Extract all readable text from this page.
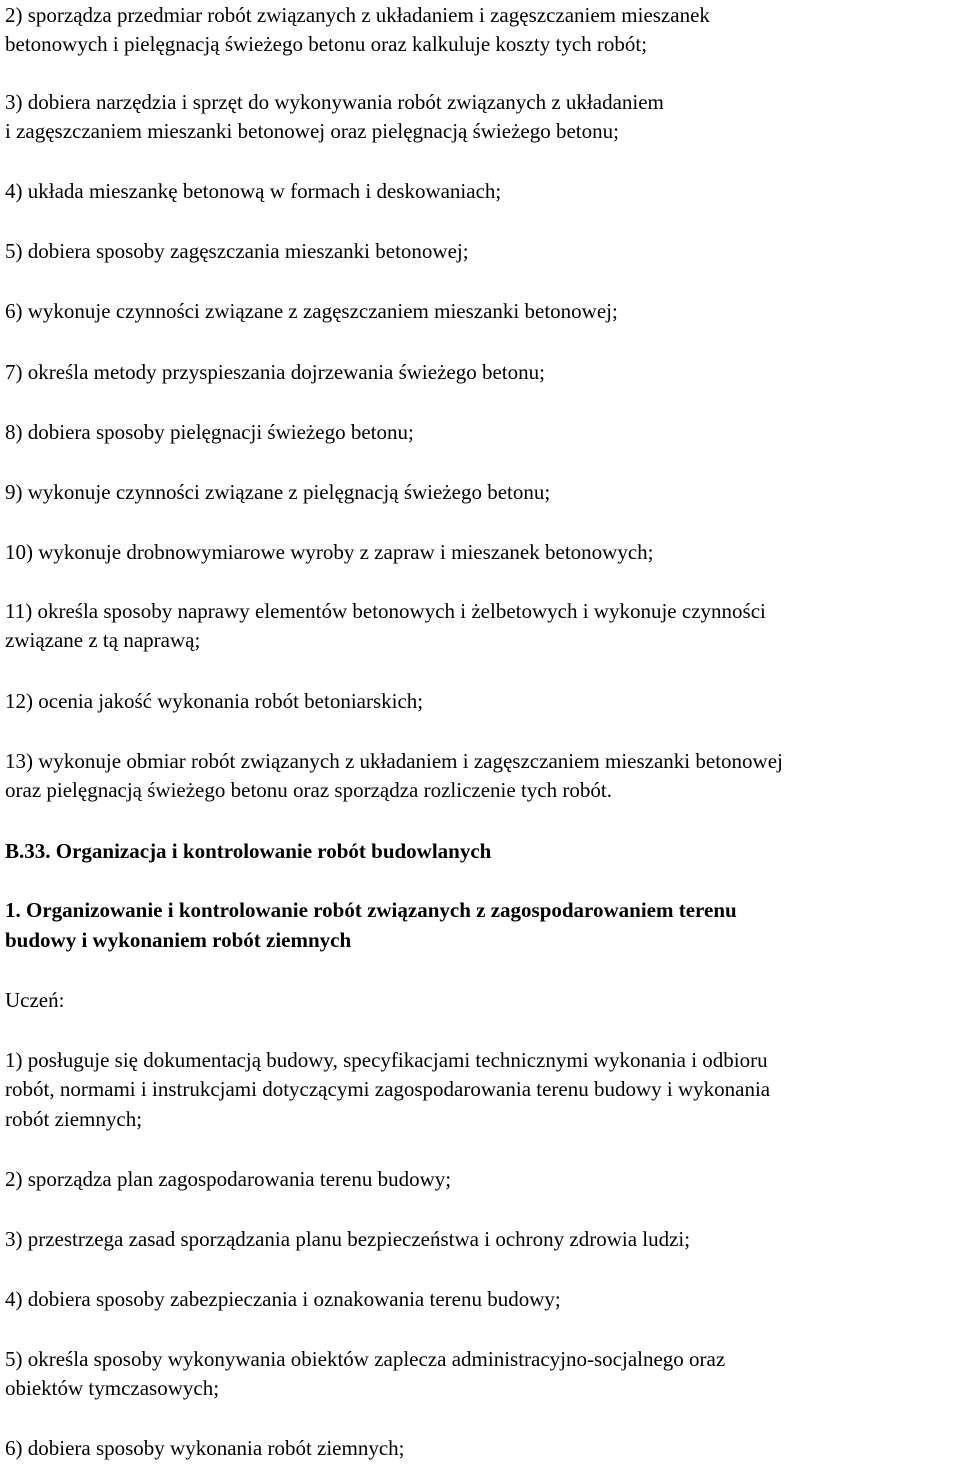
2) sporządza przedmiar robót związanych z układaniem i zagęszczaniem mieszanek
betonowych i pielęgnacją świeżego betonu oraz kalkuluje koszty tych robót;
3) dobiera narzędzia i sprzęt do wykonywania robót związanych z układaniem
i zagęszczaniem mieszanki betonowej oraz pielęgnacją świeżego betonu;
4) układa mieszankę betonową w formach i deskowaniach;
5) dobiera sposoby zagęszczania mieszanki betonowej;
6) wykonuje czynności związane z zagęszczaniem mieszanki betonowej;
7) określa metody przyspieszania dojrzewania świeżego betonu;
8) dobiera sposoby pielęgnacji świeżego betonu;
9) wykonuje czynności związane z pielęgnacją świeżego betonu;
10) wykonuje drobnowymiarowe wyroby z zapraw i mieszanek betonowych;
11) określa sposoby naprawy elementów betonowych i żelbetowych i wykonuje czynności
związane z tą naprawą;
12) ocenia jakość wykonania robót betoniarskich;
13) wykonuje obmiar robót związanych z układaniem i zagęszczaniem mieszanki betonowej
oraz pielęgnacją świeżego betonu oraz sporządza rozliczenie tych robót.
B.33. Organizacja i kontrolowanie robót budowlanych
1. Organizowanie i kontrolowanie robót związanych z zagospodarowaniem terenu
budowy i wykonaniem robót ziemnych
Uczeń:
1) posługuje się dokumentacją budowy, specyfikacjami technicznymi wykonania i odbioru
robót, normami i instrukcjami dotyczącymi zagospodarowania terenu budowy i wykonania
robót ziemnych;
2) sporządza plan zagospodarowania terenu budowy;
3) przestrzega zasad sporządzania planu bezpieczeństwa i ochrony zdrowia ludzi;
4) dobiera sposoby zabezpieczania i oznakowania terenu budowy;
5) określa sposoby wykonywania obiektów zaplecza administracyjno-socjalnego oraz
obiektów tymczasowych;
6) dobiera sposoby wykonania robót ziemnych;
